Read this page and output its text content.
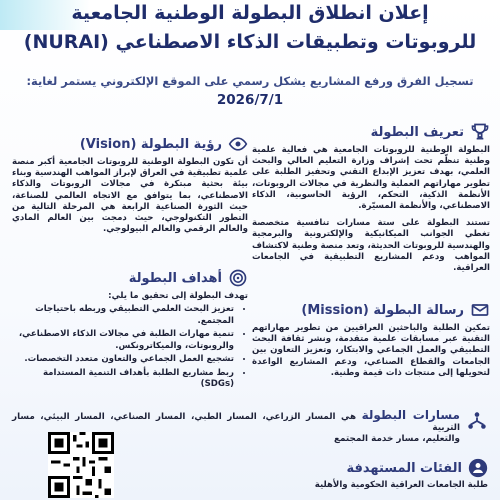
إعلان انطلاق البطولة الوطنية الجامعية
للروبوتات وتطبيقات الذكاء الاصطناعي (NURAI)
تسجيل الفرق ورفع المشاريع يشكل رسمي على الموقع الإلكتروني يستمر لغاية:
2026/7/1
تعريف البطولة
البطولة الوطنية للروبوتات الجامعية هي فعالية علمية وطنية تنظّم تحت إشراف وزارة التعليم العالي والبحث العلمي، بهدف تعزيز الإبداع التقني وتحفيز الطلبة على تطوير مهاراتهم العملية والنظرية في مجالات الروبوتات، الأنظمة الذكية، التحكم، الرؤية الحاسوبية، الذكاء الاصطناعي، والأنظمة المسيّرة.
تستند البطولة على ستة مسارات تنافسية متخصصة تغطي الجوانب الميكانيكية والإلكترونية والبرمجية والهندسية للروبوتات الحديثة، وتعد منصة وطنية لاكتشاف المواهب ودعم المشاريع التطبيقية في الجامعات العراقية.
رسالة البطولة (Mission)
تمكين الطلبة والباحثين العراقيين من تطوير مهاراتهم التقنية عبر مسابقات علمية متقدمة، ونشر ثقافة البحث التطبيقي والعمل الجماعي والابتكار، وتعزيز التعاون بين الجامعات والقطاع الصناعي، ودعم المشاريع الواعدة لتحويلها إلى منتجات ذات قيمة وطنية.
رؤية البطولة (Vision)
أن تكون البطولة الوطنية للروبوتات الجامعية أكبر منصة علمية تطبيقية في العراق لإبراز المواهب الهندسية وبناء بيئة بحثية مبتكرة في مجالات الروبوتات والذكاء الاصطناعي، بما يتوافق مع الاتجاه العالمي للصناعة، حيث الثورة الصناعية الرابعة هي المرحلة التالية من التطور التكنولوجي، حيث دمجت بين العالم المادي والعالم الرقمي والعالم البيولوجي.
أهداف البطولة
تهدف البطولة إلى تحقيق ما يلي:
• تعزيز البحث العلمي التطبيقي وربطه باحتياجات المجتمع.
• تنمية مهارات الطلبة في مجالات الذكاء الاصطناعي، والروبوتات، والميكاترونكس.
• تشجيع العمل الجماعي والتعاون متعدد التخصصات.
• ربط مشاريع الطلبة بأهداف التنمية المستدامة (SDGs)
مسارات البطولة هي المسار الزراعي، المسار الطبي، المسار الصناعي، المسار البيئي، مسار التربية
والتعليم، مسار خدمة المجتمع
الفئات المستهدفة
طلبة الجامعات العراقية الحكومية والأهلية
